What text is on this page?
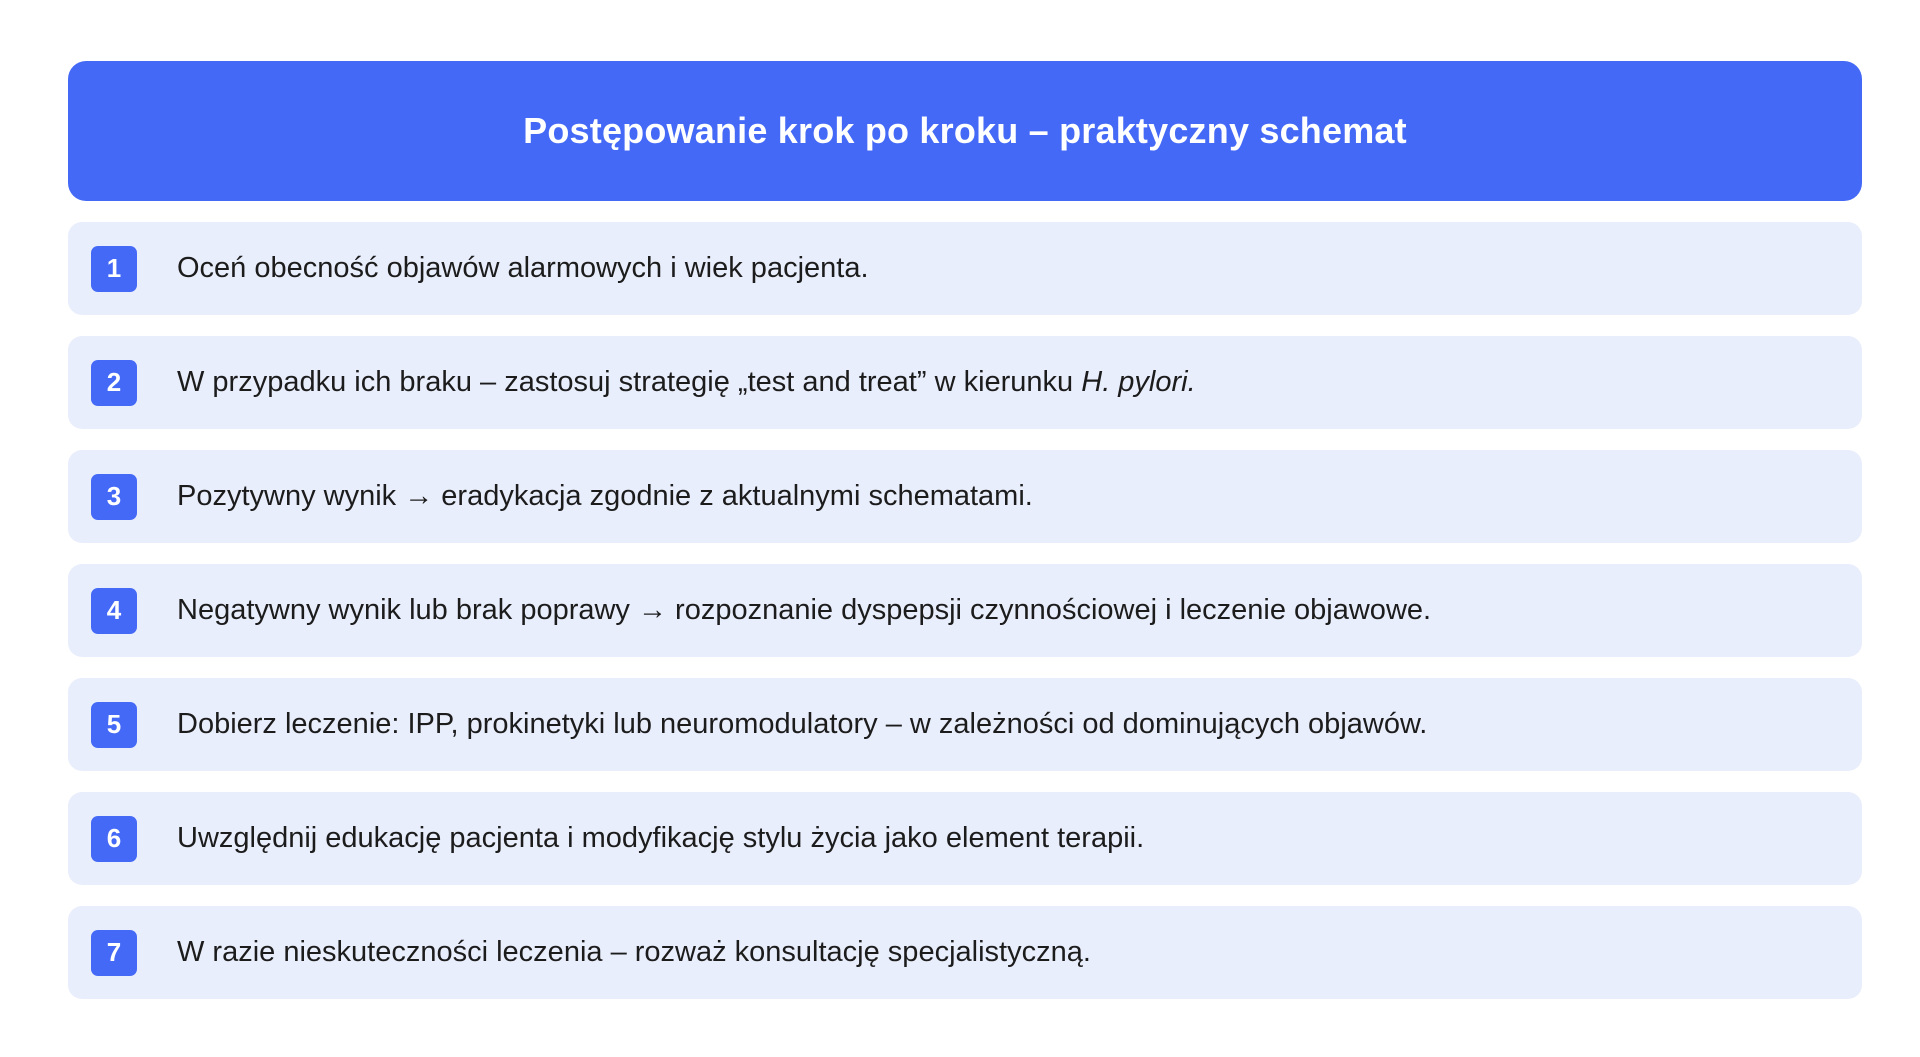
Postępowanie krok po kroku – praktyczny schemat
1	Oceń obecność objawów alarmowych i wiek pacjenta.
2	W przypadku ich braku – zastosuj strategię „test and treat” w kierunku H. pylori.
3	Pozytywny wynik → eradykacja zgodnie z aktualnymi schematami.
4	Negatywny wynik lub brak poprawy → rozpoznanie dyspepsji czynnościowej i leczenie objawowe.
5	Dobierz leczenie: IPP, prokinetyki lub neuromodulatory – w zależności od dominujących objawów.
6	Uwzględnij edukację pacjenta i modyfikację stylu życia jako element terapii.
7	W razie nieskuteczności leczenia – rozważ konsultację specjalistyczną.
